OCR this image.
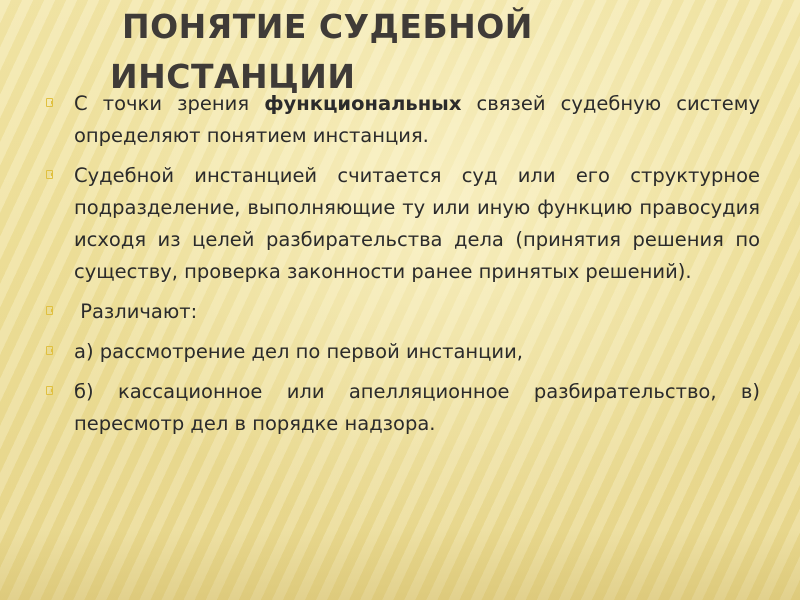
ПОНЯТИЕ СУДЕБНОЙ
ИНСТАНЦИИ
С точки зрения функциональных связей судебную систему определяют понятием инстанция.
Судебной инстанцией считается суд или его структурное подразделение, выполняющие ту или иную функцию правосудия исходя из целей разбирательства дела (принятия решения по существу, проверка законности ранее принятых решений).
Различают:
а) рассмотрение дел по первой инстанции,
б) кассационное или апелляционное разбирательство, в) пересмотр дел в порядке надзора.
